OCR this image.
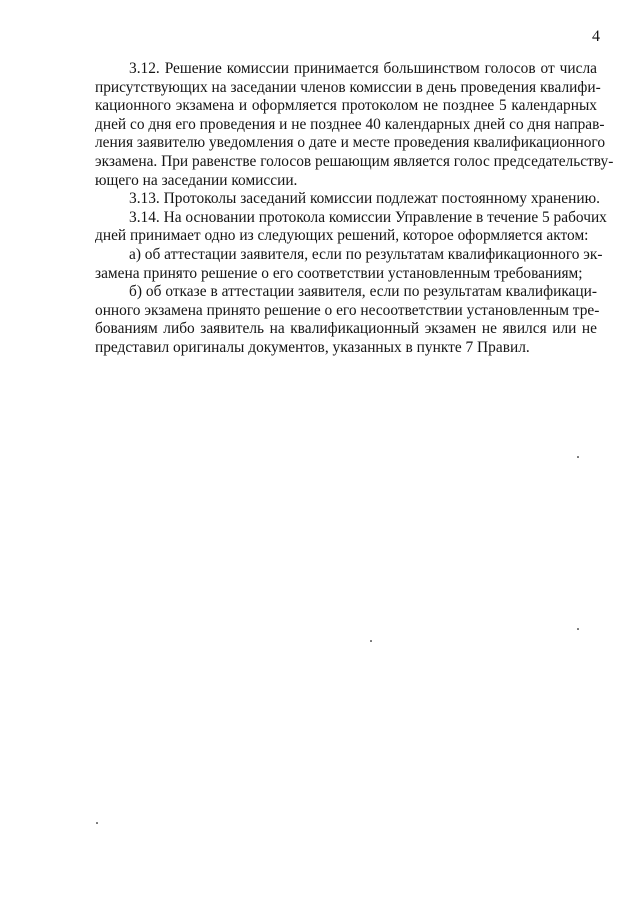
4
3.12. Решение комиссии принимается большинством голосов от числа
присутствующих на заседании членов комиссии в день проведения квалифи-
кационного экзамена и оформляется протоколом не позднее 5 календарных
дней со дня его проведения и не позднее 40 календарных дней со дня направ-
ления заявителю уведомления о дате и месте проведения квалификационного
экзамена. При равенстве голосов решающим является голос председательству-
ющего на заседании комиссии.
3.13. Протоколы заседаний комиссии подлежат постоянному хранению.
3.14. На основании протокола комиссии Управление в течение 5 рабочих
дней принимает одно из следующих решений, которое оформляется актом:
а) об аттестации заявителя, если по результатам квалификационного эк-
замена принято решение о его соответствии установленным требованиям;
б) об отказе в аттестации заявителя, если по результатам квалификаци-
онного экзамена принято решение о его несоответствии установленным тре-
бованиям либо заявитель на квалификационный экзамен не явился или не
представил оригиналы документов, указанных в пункте 7 Правил.
